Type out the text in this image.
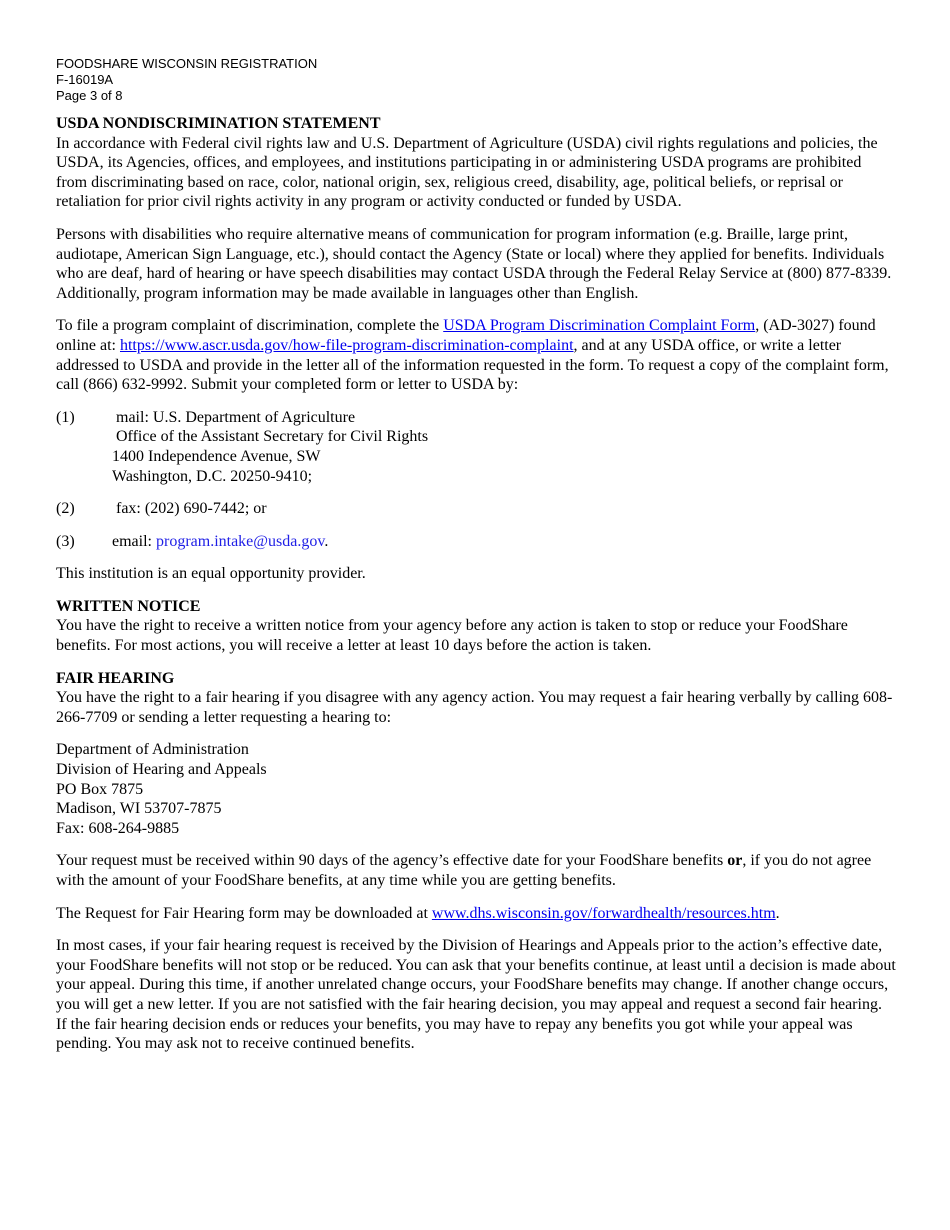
FOODSHARE WISCONSIN REGISTRATION
F-16019A
Page 3 of 8
USDA NONDISCRIMINATION STATEMENT

In accordance with Federal civil rights law and U.S. Department of Agriculture (USDA) civil rights regulations and policies, the USDA, its Agencies, offices, and employees, and institutions participating in or administering USDA programs are prohibited from discriminating based on race, color, national origin, sex, religious creed, disability, age, political beliefs, or reprisal or retaliation for prior civil rights activity in any program or activity conducted or funded by USDA.

Persons with disabilities who require alternative means of communication for program information (e.g. Braille, large print, audiotape, American Sign Language, etc.), should contact the Agency (State or local) where they applied for benefits. Individuals who are deaf, hard of hearing or have speech disabilities may contact USDA through the Federal Relay Service at (800) 877-8339. Additionally, program information may be made available in languages other than English.

To file a program complaint of discrimination, complete the USDA Program Discrimination Complaint Form, (AD-3027) found online at: https://www.ascr.usda.gov/how-file-program-discrimination-complaint, and at any USDA office, or write a letter addressed to USDA and provide in the letter all of the information requested in the form. To request a copy of the complaint form, call (866) 632-9992. Submit your completed form or letter to USDA by:

(1)	mail: U.S. Department of Agriculture
Office of the Assistant Secretary for Civil Rights
1400 Independence Avenue, SW
Washington, D.C. 20250-9410;
(2)	fax: (202) 690-7442; or
(3)	email: program.intake@usda.gov.

This institution is an equal opportunity provider.

WRITTEN NOTICE

You have the right to receive a written notice from your agency before any action is taken to stop or reduce your FoodShare benefits. For most actions, you will receive a letter at least 10 days before the action is taken.

FAIR HEARING

You have the right to a fair hearing if you disagree with any agency action. You may request a fair hearing verbally by calling 608-266-7709 or sending a letter requesting a hearing to:

Department of Administration
Division of Hearing and Appeals
PO Box 7875
Madison, WI 53707-7875
Fax: 608-264-9885

Your request must be received within 90 days of the agency’s effective date for your FoodShare benefits or, if you do not agree with the amount of your FoodShare benefits, at any time while you are getting benefits.

The Request for Fair Hearing form may be downloaded at www.dhs.wisconsin.gov/forwardhealth/resources.htm.

In most cases, if your fair hearing request is received by the Division of Hearings and Appeals prior to the action’s effective date, your FoodShare benefits will not stop or be reduced. You can ask that your benefits continue, at least until a decision is made about your appeal. During this time, if another unrelated change occurs, your FoodShare benefits may change. If another change occurs, you will get a new letter. If you are not satisfied with the fair hearing decision, you may appeal and request a second fair hearing. If the fair hearing decision ends or reduces your benefits, you may have to repay any benefits you got while your appeal was pending. You may ask not to receive continued benefits.
